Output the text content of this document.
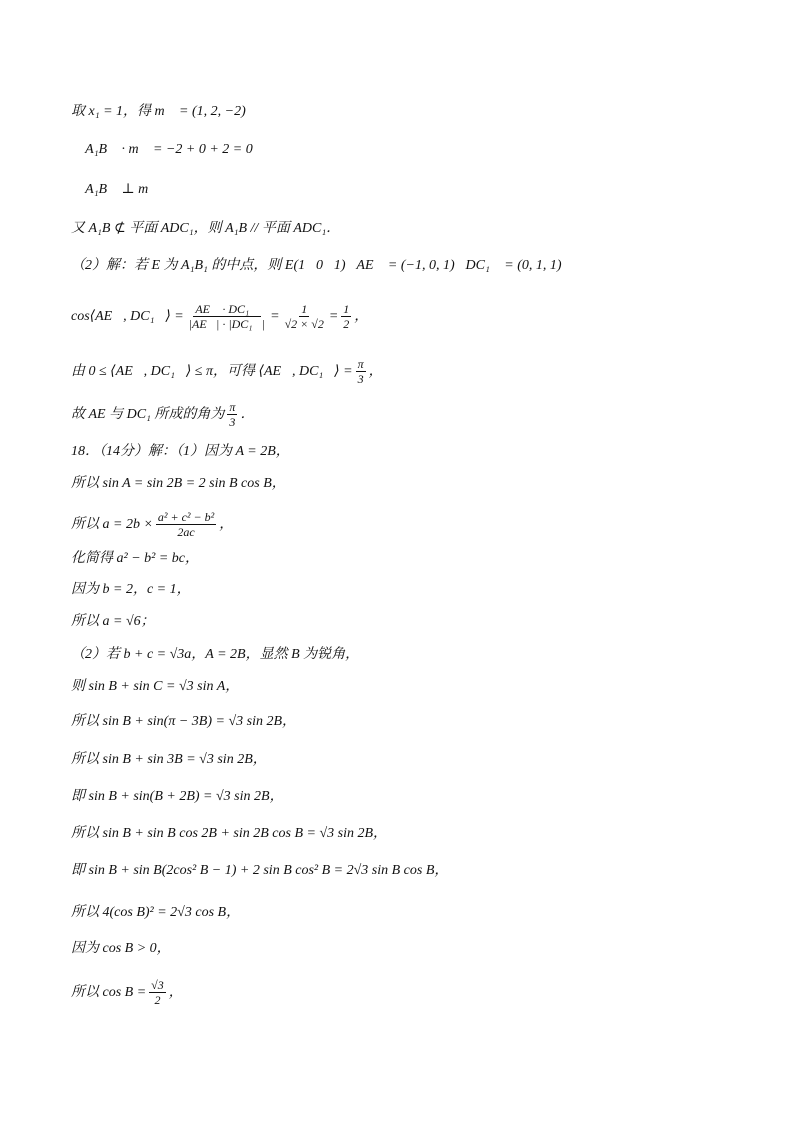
取 x₁ = 1，得 m⃗ = (1, 2, −2)．
∵ A₁B⃗ · m⃗ = −2 + 0 + 2 = 0，
∴ A₁B⃗ ⊥ m⃗，
又 A₁B ⊄ 平面 ADC₁，则 A₁B // 平面 ADC₁．
（2）解：若 E 为 A₁B₁ 的中点，则 E(1，0，1)，AE⃗ = (−1, 0, 1)，DC₁⃗ = (0, 1, 1)，
cos⟨AE⃗, DC₁⃗⟩ = $\frac{\text{AE⃗ · DC₁⃗}}{\text{|AE⃗| · |DC₁⃗|}} = \frac{1}{√2 \times √2} = \frac{1}{2}$ ，
由 0 ≤ ⟨AE⃗, DC₁⃗⟩ ≤ π，可得 ⟨AE⃗, DC₁⃗⟩ = $\frac{\pi}{3}$ ，
故 AE 与 DC₁ 所成的角为 $\frac{\pi}{3}$ ．
18．（14分）解：（1）因为 A = 2B，
所以 sin A = sin 2B = 2 sin B cos B，
所以 $a = 2b \times \frac{\text{a² + c² − b²}}{2ac}$ ，
化简得 a² − b² = bc，
因为 b = 2，c = 1，
所以 a = √6；
（2）若 b + c = √3a，A = 2B，显然 B 为锐角，
则 sin B + sin C = √3 sin A，
所以 sin B + sin(π − 3B) = √3 sin 2B，
所以 sin B + sin 3B = √3 sin 2B，
即 sin B + sin(B + 2B) = √3 sin 2B，
所以 sin B + sin B cos 2B + sin 2B cos B = √3 sin 2B，
即 sin B + sin B(2cos² B − 1) + 2 sin B cos² B = 2√3 sin B cos B，
所以 4(cos B)² = 2√3 cos B，
因为 cos B > 0，
所以 $\cos B = \frac{√3}{2}$ ，
